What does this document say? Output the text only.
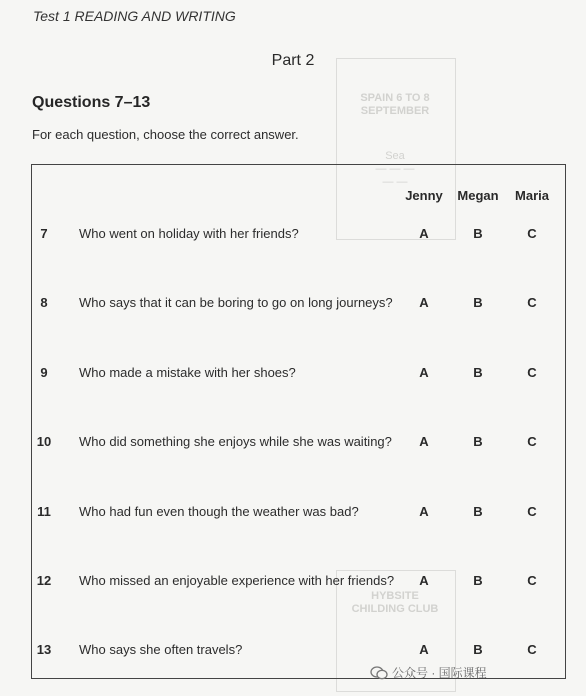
SPAIN 6 TO 8
SEPTEMBER
Sea
— — —
— —
HYBSITE
CHILDING CLUB
Test 1 READING AND WRITING
Part 2
Questions 7–13
For each question, choose the correct answer.
Jenny	Megan	Maria
7	Who went on holiday with her friends?	A	B	C
8	Who says that it can be boring to go on long journeys?	A	B	C
9	Who made a mistake with her shoes?	A	B	C
10	Who did something she enjoys while she was waiting?	A	B	C
11	Who had fun even though the weather was bad?	A	B	C
12	Who missed an enjoyable experience with her friends?	A	B	C
13	Who says she often travels?	A	B	C
公众号 · 国际课程
